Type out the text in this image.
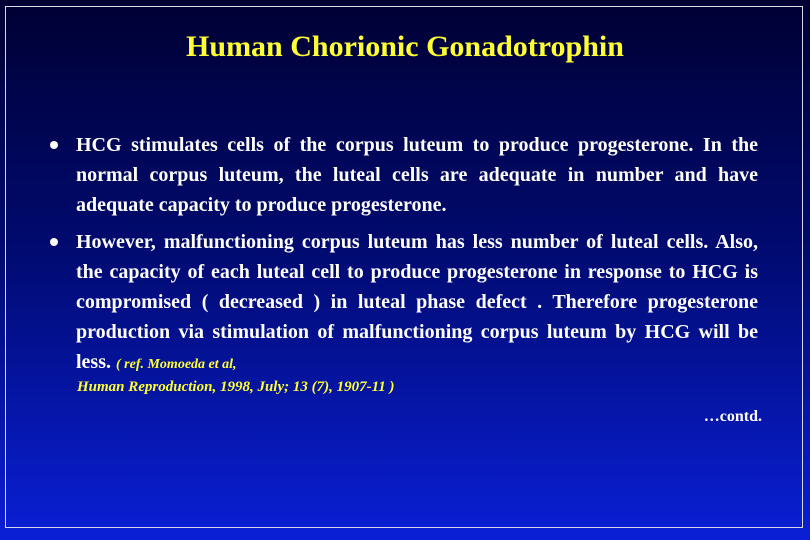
Human Chorionic Gonadotrophin
HCG stimulates cells of the corpus luteum to produce progesterone. In the normal corpus luteum, the luteal cells are adequate in number and have adequate capacity to produce progesterone.
However, malfunctioning corpus luteum has less number of luteal cells. Also, the capacity of each luteal cell to produce progesterone in response to HCG is compromised ( decreased ) in luteal phase defect . Therefore progesterone production via stimulation of malfunctioning corpus luteum by HCG will be less. ( ref. Momoeda et al,
Human Reproduction, 1998, July; 13 (7), 1907-11 )
…contd.
